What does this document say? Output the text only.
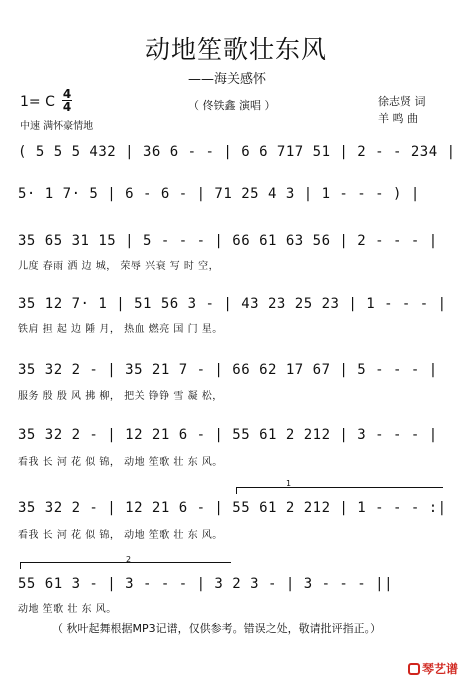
动地笙歌壮东风
——海关感怀
（ 佟铁鑫 演唱 ）	徐志贤 词
羊 鸣 曲
1= C 4
4
中速 满怀豪情地
( 5 5 5 432 | 36 6 - - | 6 6 717 51 | 2 - - 234 |
5· 1 7· 5 | 6 - 6 - | 71 25 4 3 | 1 - - - ) |
35 65 31 15 | 5 - - - | 66 61 63 56 | 2 - - - |
儿度 春雨 洒 边 城， 荣辱 兴衰 写 时 空，
35 12 7· 1 | 51 56 3 - | 43 23 25 23 | 1 - - - |
铁肩 担 起 边 陲 月， 热血 燃亮 国 门 星。
35 32 2 - | 35 21 7 - | 66 62 17 67 | 5 - - - |
服务 殷 殷 风 拂 柳， 把关 铮铮 雪 凝 松，
35 32 2 - | 12 21 6 - | 55 61 2 212 | 3 - - - |
看我 长 河 花 似 锦， 动地 笙歌 壮 东 风。
1
35 32 2 - | 12 21 6 - | 55 61 2 212 | 1 - - - :|
看我 长 河 花 似 锦， 动地 笙歌 壮 东 风。
2
55 61 3 - | 3 - - - | 3 2 3 - | 3 - - - ||
动地 笙歌 壮 东 风。
（ 秋叶起舞根据MP3记谱，仅供参考。错误之处，敬请批评指正。）
琴艺谱
